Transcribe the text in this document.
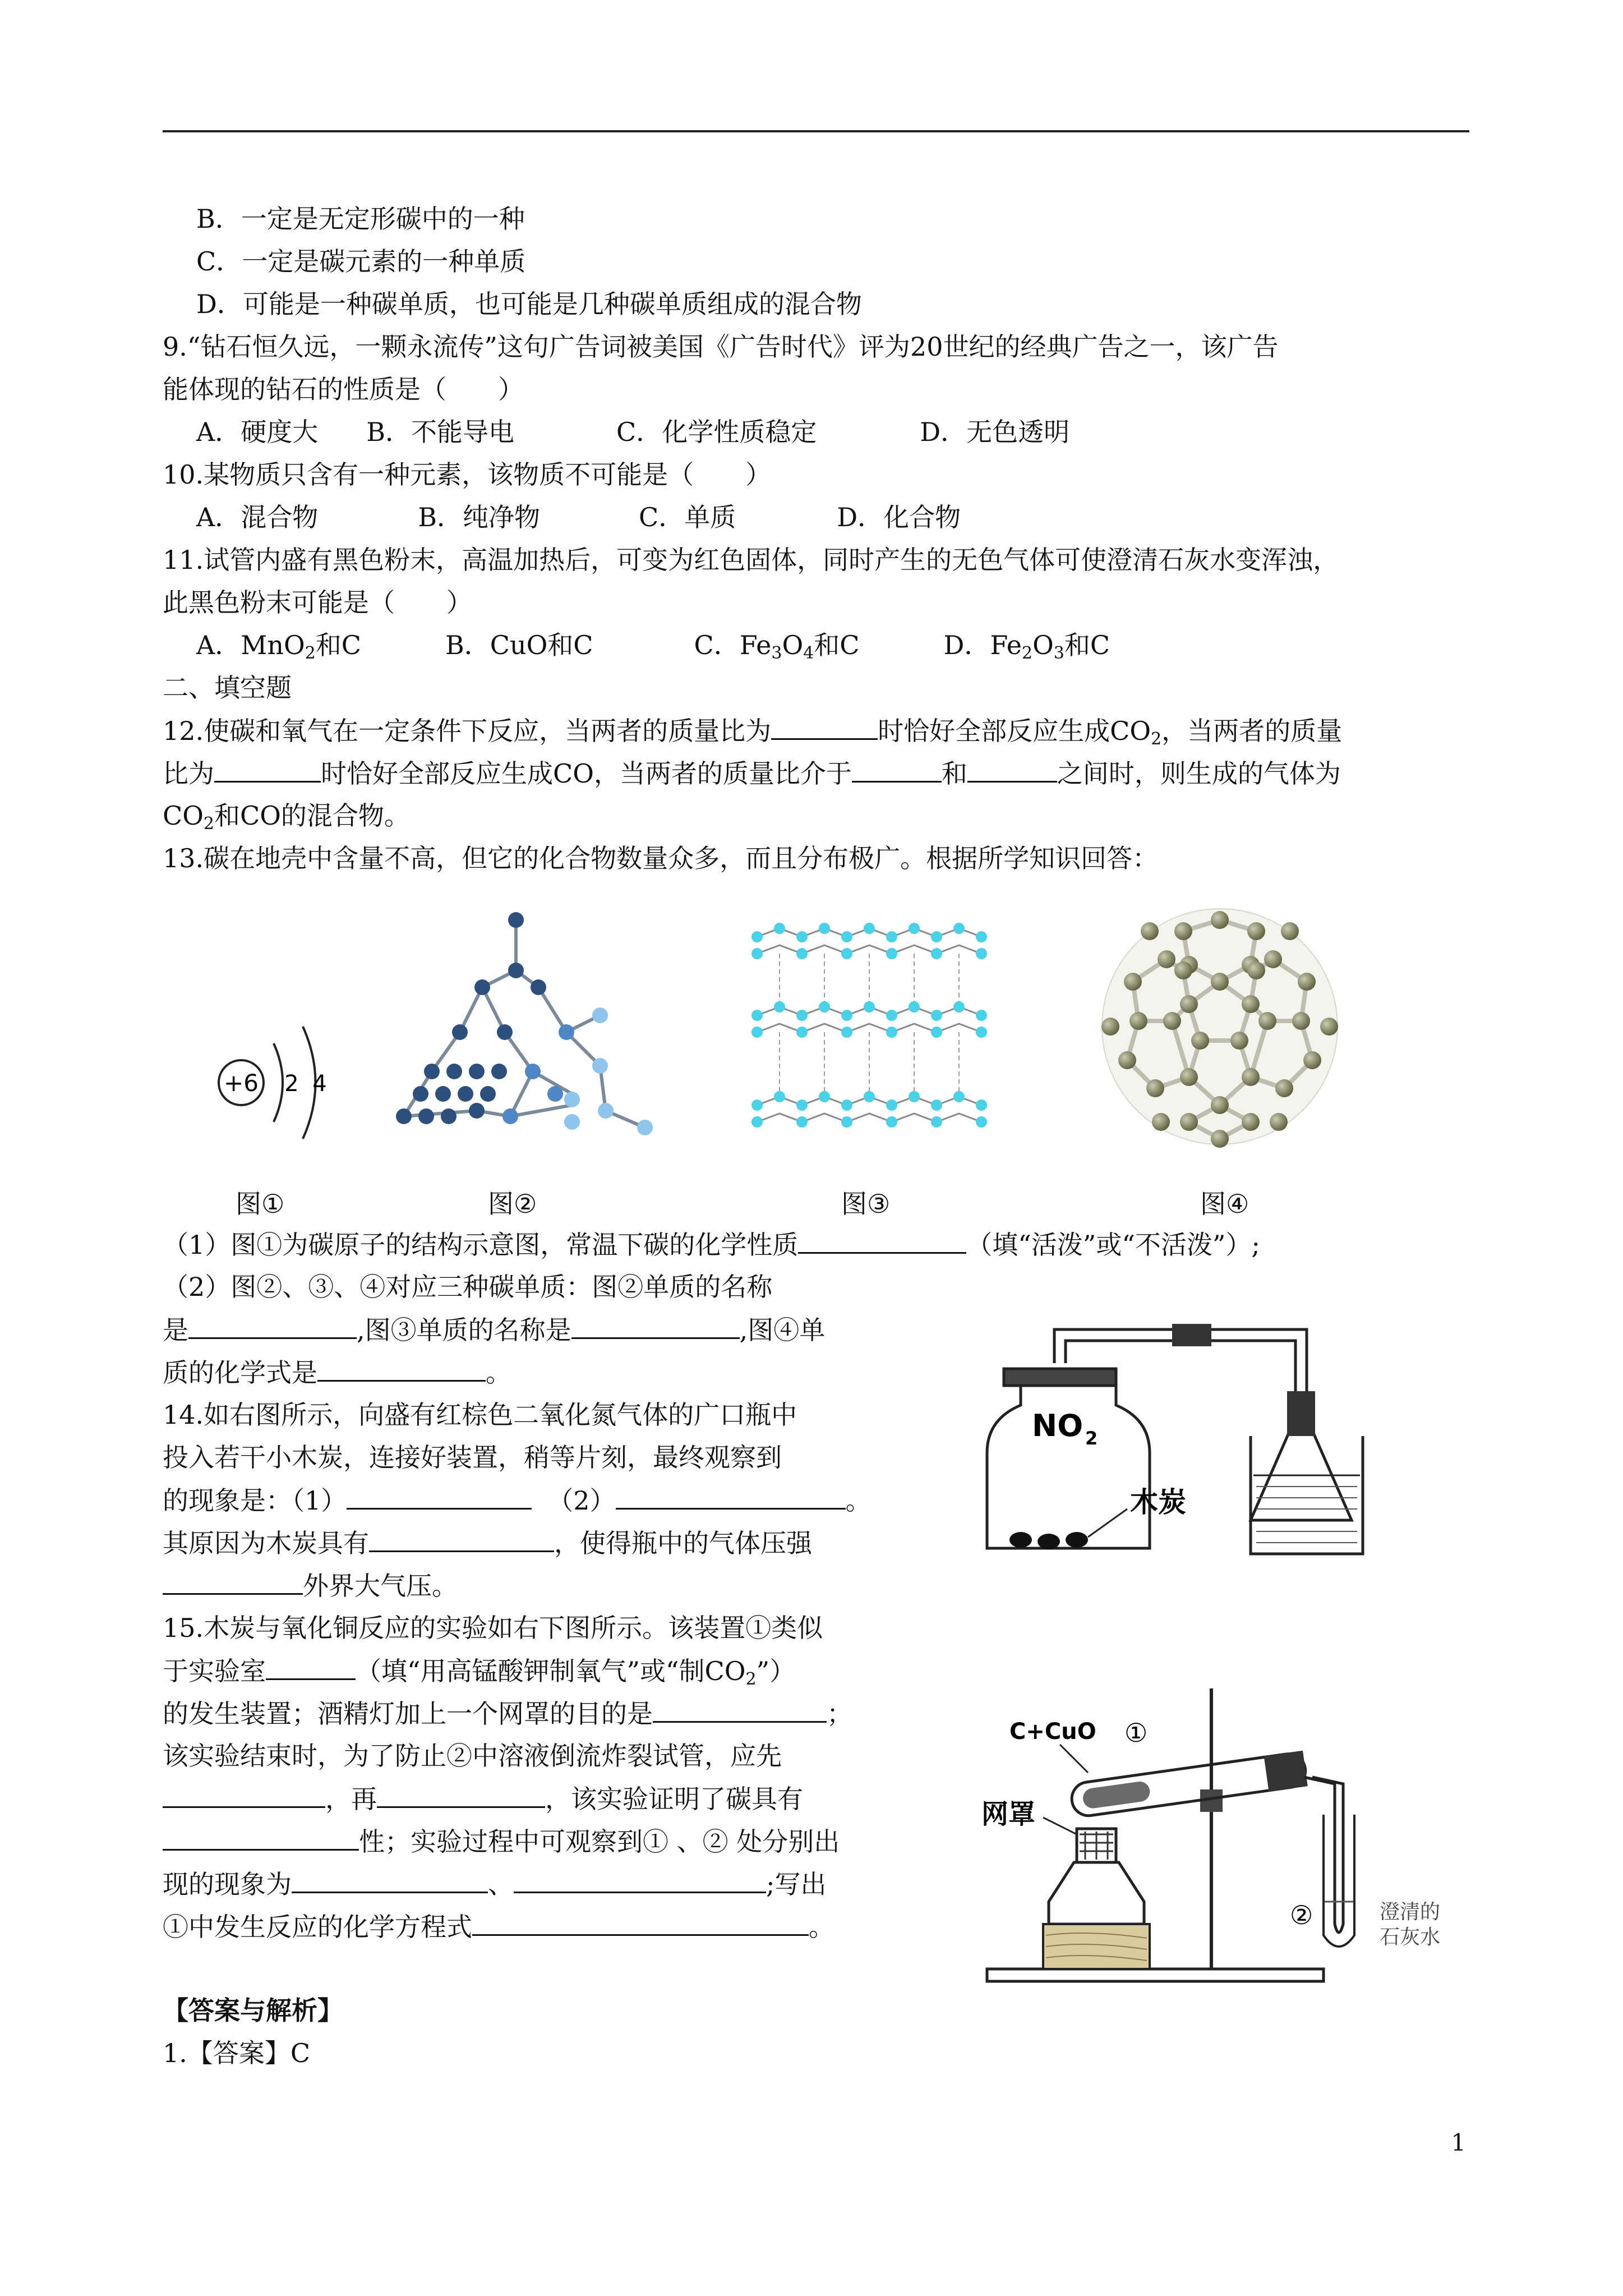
B．一定是无定形碳中的一种
C．一定是碳元素的一种单质
D．可能是一种碳单质，也可能是几种碳单质组成的混合物
9.“钻石恒久远，一颗永流传”这句广告词被美国《广告时代》评为20世纪的经典广告之一，该广告
能体现的钻石的性质是（　　）
A．硬度大 B．不能导电	C．化学性质稳定	D．无色透明
10.某物质只含有一种元素，该物质不可能是（　　）
A．混合物	B．纯净物	C．单质	D．化合物
11.试管内盛有黑色粉末，高温加热后，可变为红色固体，同时产生的无色气体可使澄清石灰水变浑浊，
此黑色粉末可能是（　　）
A．MnO$_2$和C	B．CuO和C	C．$Fe_3O_4$和C	D．$Fe_2O_3$和C
二、填空题
12.使碳和氧气在一定条件下反应，当两者的质量比为	时恰好全部反应生成$CO_2$，当两者的质量
比为	时恰好全部反应生成CO，当两者的质量比介于	和	之间时，则生成的气体为
$CO_2$和CO的混合物。
13.碳在地壳中含量不高，但它的化合物数量众多，而且分布极广。根据所学知识回答：
+6 2 4
图①	图②	图③	图④
（1）图①为碳原子的结构示意图，常温下碳的化学性质	（填“活泼”或“不活泼”）;
（2）图②、③、④对应三种碳单质：图②单质的名称
是	,图③单质的名称是	,图④单
质的化学式是	。
14.如右图所示，向盛有红棕色二氧化氮气体的广口瓶中
投入若干小木炭，连接好装置，稍等片刻，最终观察到
的现象是：（1）	（2）	。
其原因为木炭具有	，使得瓶中的气体压强
外界大气压。
NO 2
木炭
15.木炭与氧化铜反应的实验如右下图所示。该装置①类似
于实验室	（填“用高锰酸钾制氧气”或“制$CO_2$”）
的发生装置；酒精灯加上一个网罩的目的是	；
该实验结束时，为了防止②中溶液倒流炸裂试管，应先
，再	，该实验证明了碳具有
性；实验过程中可观察到① 、② 处分别出
现的现象为	、	;写出
①中发生反应的化学方程式	。
C+CuO ①
网罩
②	澄清的
石灰水
【答案与解析】
1.【答案】C
1
